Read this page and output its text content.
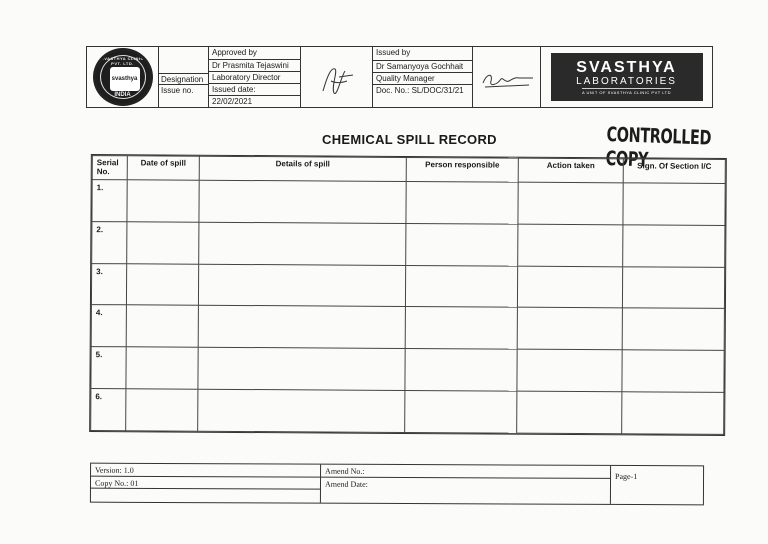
SVASTHYA CLINIC PVT. LTD.
svasthya
INDIA
Designation
Issue no.
Approved by
Dr Prasmita Tejaswini
Laboratory Director
Issued date:
22/02/2021
Issued by
Dr Samanyoya Gochhait
Quality Manager
Doc. No.: SL/DOC/31/21
SVASTHYA
LABORATORIES
A UNIT OF SVASTHYA CLINIC PVT LTD
CHEMICAL SPILL RECORD	CONTROLLED COPY
Serial No.	Date of spill	Details of spill	Person responsible	Action taken	Sign. Of Section I/C
1.					
2.					
3.					
4.					
5.					
6.					
Version: 1.0
Copy No.: 01
Amend No.:
Amend Date:
Page-1
